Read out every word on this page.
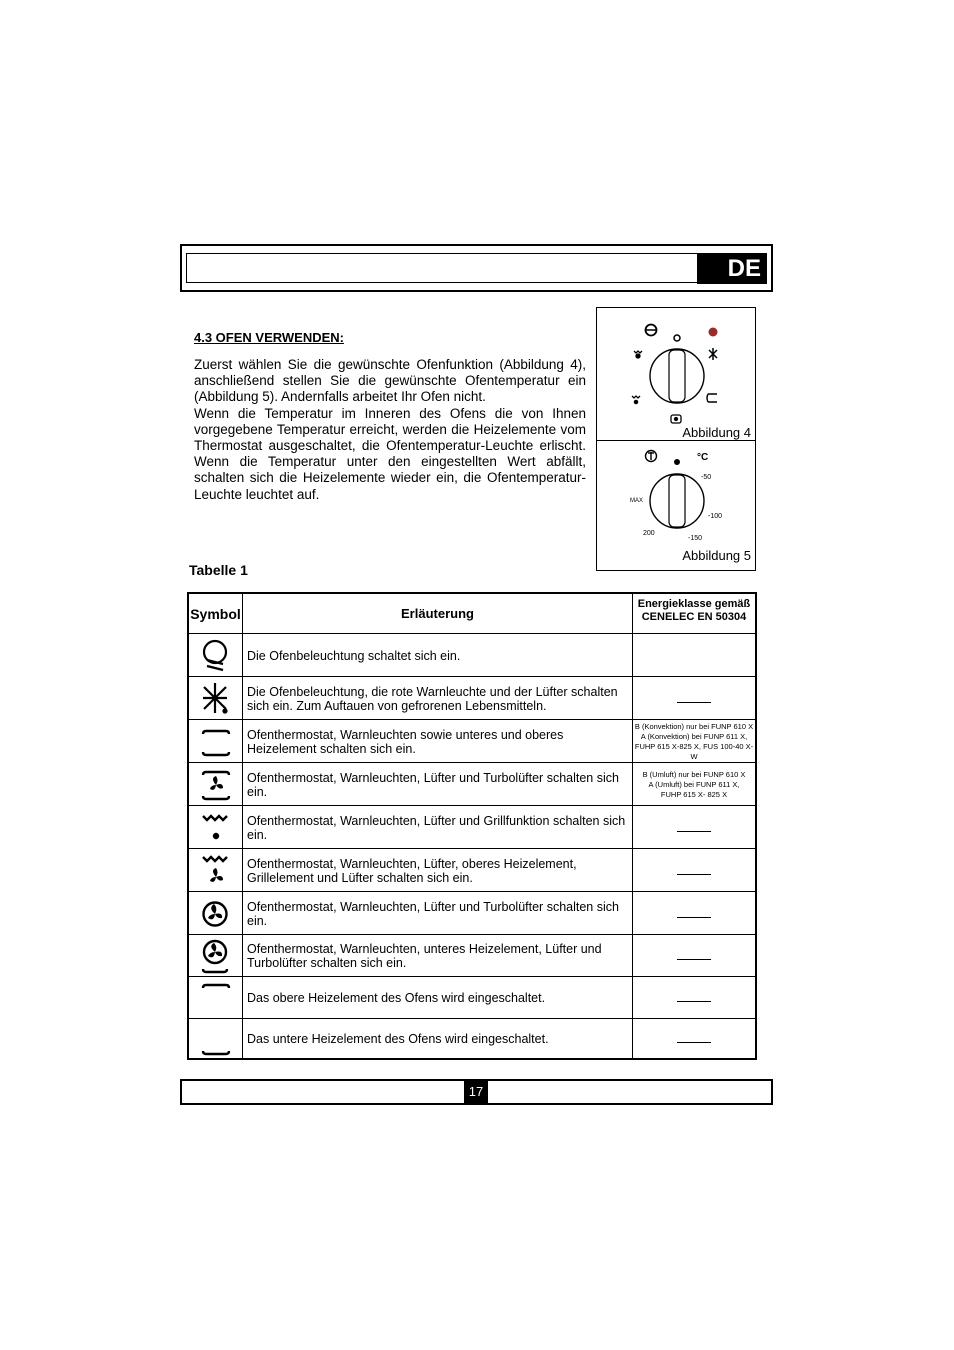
DE
4.3 OFEN VERWENDEN:

Zuerst wählen Sie die gewünschte Ofenfunktion (Abbildung 4), anschließend stellen Sie die gewünschte Ofentemperatur ein (Abbildung 5). Andernfalls arbeitet Ihr Ofen nicht.

Wenn die Temperatur im Inneren des Ofens die von Ihnen vorgegebene Temperatur erreicht, werden die Heizelemente vom Thermostat ausgeschaltet, die Ofentemperatur-Leuchte erlischt. Wenn die Temperatur unter den eingestellten Wert abfällt, schalten sich die Heizelemente wieder ein, die Ofentemperatur-Leuchte leuchtet auf.

Abbildung 4
°C
-50
-100
-150
200
MAX
Abbildung 5
Tabelle 1
Symbol	Erläuterung
Energieklasse gemäß CENELEC EN 50304
Die Ofenbeleuchtung schaltet sich ein.
Die Ofenbeleuchtung, die rote Warnleuchte und der Lüfter schalten sich ein. Zum Auftauen von gefrorenen Lebensmitteln.
Ofenthermostat, Warnleuchten sowie unteres und oberes Heizelement schalten sich ein.
B (Konvektion) nur bei FUNP 610 X
A (Konvektion) bei FUNP 611 X,
FUHP 615 X-825 X, FUS 100-40 X-W
Ofenthermostat, Warnleuchten, Lüfter und Turbolüfter schalten sich ein.
B (Umluft) nur bei FUNP 610 X
A (Umluft) bei FUNP 611 X,
FUHP 615 X- 825 X
Ofenthermostat, Warnleuchten, Lüfter und Grillfunktion schalten sich ein.
Ofenthermostat, Warnleuchten, Lüfter, oberes Heizelement, Grillelement und Lüfter schalten sich ein.
Ofenthermostat, Warnleuchten, Lüfter und Turbolüfter schalten sich ein.
Ofenthermostat, Warnleuchten, unteres Heizelement, Lüfter und Turbolüfter schalten sich ein.
Das obere Heizelement des Ofens wird eingeschaltet.
Das untere Heizelement des Ofens wird eingeschaltet.
17
